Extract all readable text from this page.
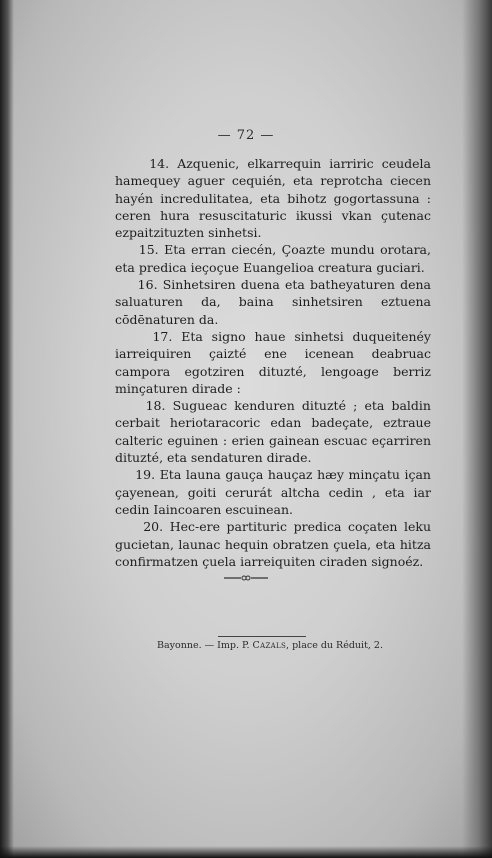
— 72 —

14. Azquenic, elkarrequin iarriric ceudela hamequey aguer cequién, eta reprotcha ciecen hayén incredulitatea, eta bihotz gogortassuna : ceren hura resuscitaturic ikussi vkan çutenac ezpaitzituzten sinhetsi.

15. Eta erran ciecén, Çoazte mundu orotara, eta predica ieçoçue Euangelioa creatura guciari.

16. Sinhetsiren duena eta batheyaturen dena saluaturen da, baina sinhetsiren eztuena cōdēnaturen da.

17. Eta signo haue sinhetsi duqueitenéy iarreiquiren çaizté ene icenean deabruac campora egotziren dituzté, lengoage berriz minçaturen dirade :

18. Sugueac kenduren dituzté ; eta baldin cerbait heriotaracoric edan badeçate, eztraue calteric eguinen : erien gainean escuac eçarriren dituzté, eta sendaturen dirade.

19. Eta launa gauça hauçaz hæy minçatu içan çayenean, goiti cerurát altcha cedin , eta iar cedin Iaincoaren escuinean.

20. Hec-ere partituric predica coçaten leku gucietan, launac hequin obratzen çuela, eta hitza confirmatzen çuela iarreiquiten ciraden signoéz.

Bayonne. — Imp. P. Cazals, place du Réduit, 2.
